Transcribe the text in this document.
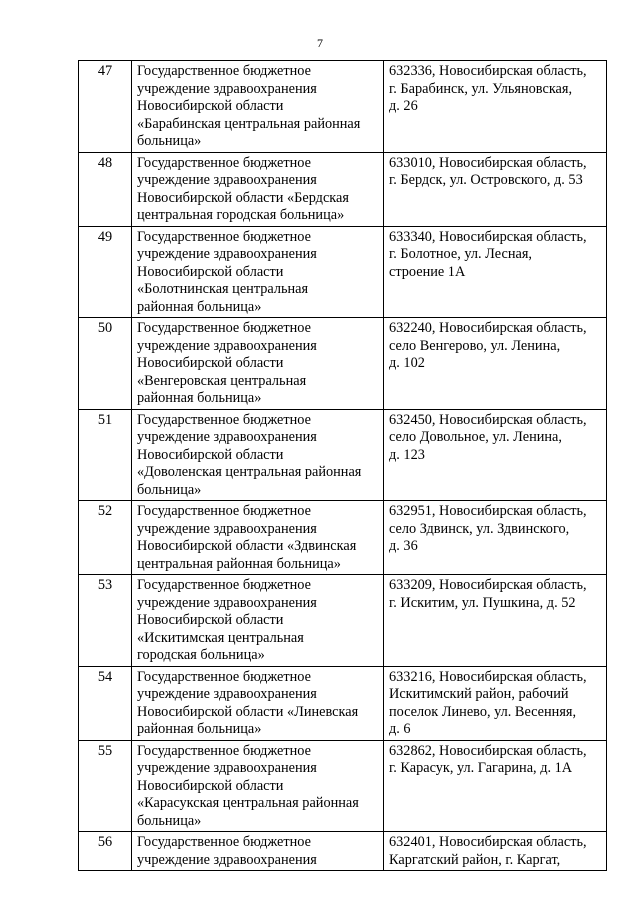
7
47	Государственное бюджетное
учреждение здравоохранения
Новосибирской области
«Барабинская центральная районная
больница»	632336, Новосибирская область,
г. Барабинск, ул. Ульяновская,
д. 26
48	Государственное бюджетное
учреждение здравоохранения
Новосибирской области «Бердская
центральная городская больница»	633010, Новосибирская область,
г. Бердск, ул. Островского, д. 53
49	Государственное бюджетное
учреждение здравоохранения
Новосибирской области
«Болотнинская центральная
районная больница»	633340, Новосибирская область,
г. Болотное, ул. Лесная,
строение 1А
50	Государственное бюджетное
учреждение здравоохранения
Новосибирской области
«Венгеровская центральная
районная больница»	632240, Новосибирская область,
село Венгерово, ул. Ленина,
д. 102
51	Государственное бюджетное
учреждение здравоохранения
Новосибирской области
«Доволенская центральная районная
больница»	632450, Новосибирская область,
село Довольное, ул. Ленина,
д. 123
52	Государственное бюджетное
учреждение здравоохранения
Новосибирской области «Здвинская
центральная районная больница»	632951, Новосибирская область,
село Здвинск, ул. Здвинского,
д. 36
53	Государственное бюджетное
учреждение здравоохранения
Новосибирской области
«Искитимская центральная
городская больница»	633209, Новосибирская область,
г. Искитим, ул. Пушкина, д. 52
54	Государственное бюджетное
учреждение здравоохранения
Новосибирской области «Линевская
районная больница»	633216, Новосибирская область,
Искитимский район, рабочий
поселок Линево, ул. Весенняя,
д. 6
55	Государственное бюджетное
учреждение здравоохранения
Новосибирской области
«Карасукская центральная районная
больница»	632862, Новосибирская область,
г. Карасук, ул. Гагарина, д. 1А
56	Государственное бюджетное
учреждение здравоохранения	632401, Новосибирская область,
Каргатский район, г. Каргат,
